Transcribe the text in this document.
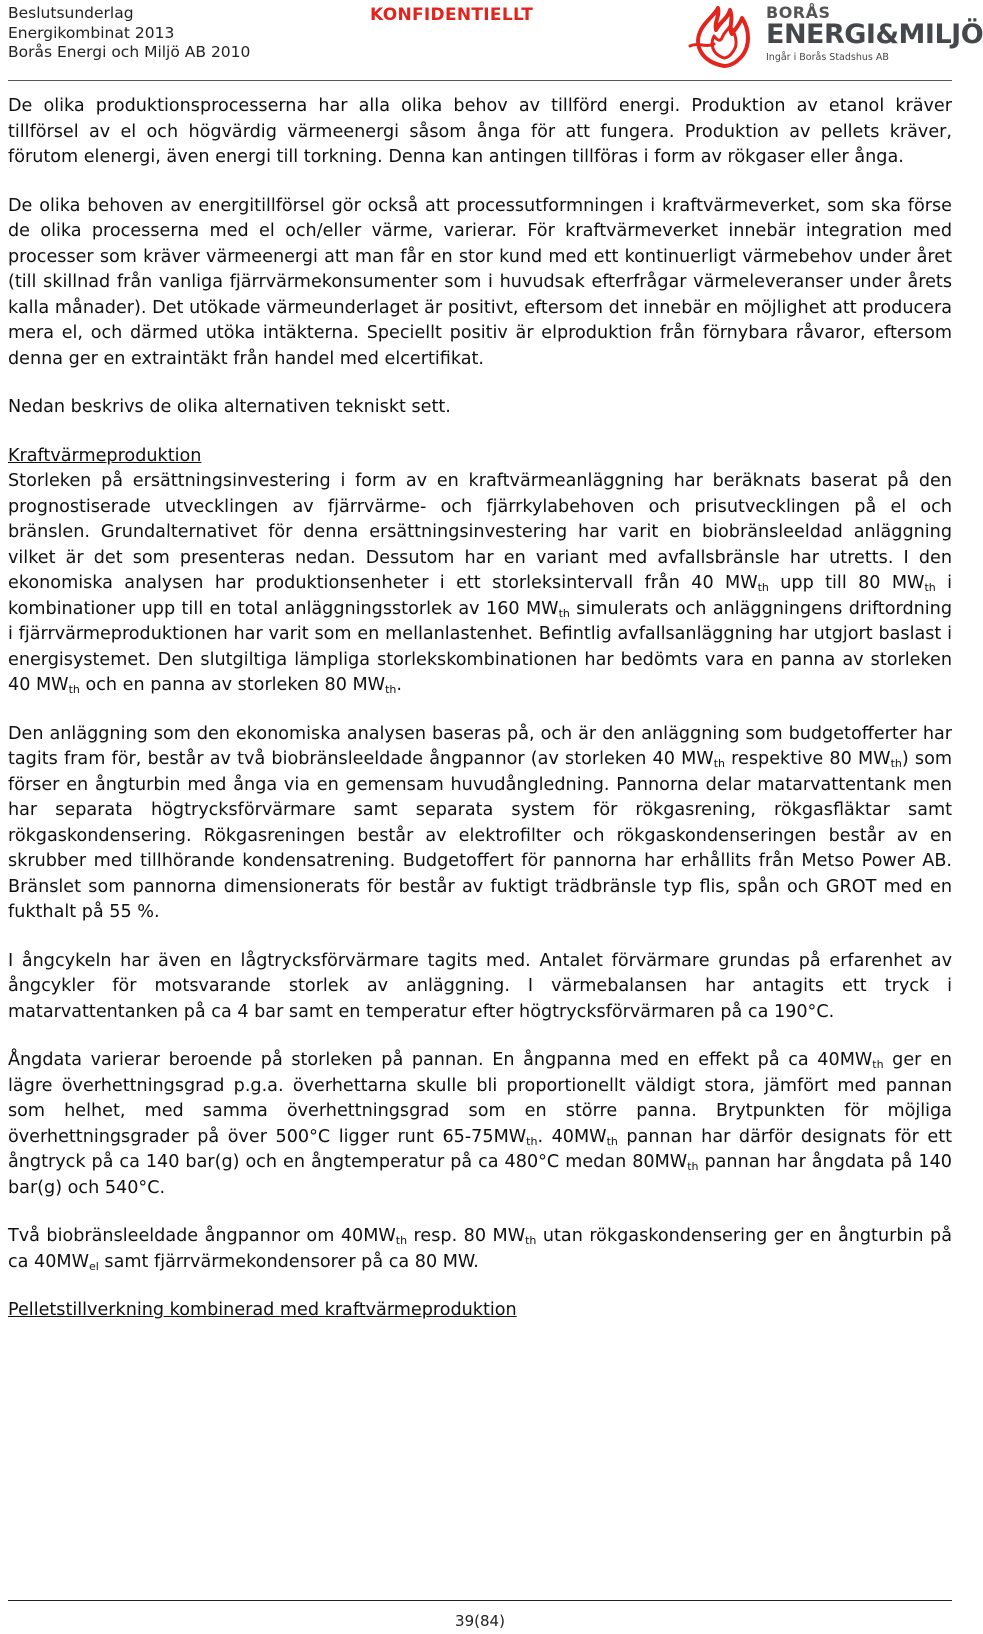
Beslutsunderlag
Energikombinat 2013
Borås Energi och Miljö AB 2010
KONFIDENTIELLT	BORÅS
ENERGI&MILJÖ
Ingår i Borås Stadshus AB

De olika produktionsprocesserna har alla olika behov av tillförd energi. Produktion av etanol kräver tillförsel av el och högvärdig värmeenergi såsom ånga för att fungera. Produktion av pellets kräver, förutom elenergi, även energi till torkning. Denna kan antingen tillföras i form av rökgaser eller ånga.

De olika behoven av energitillförsel gör också att processutformningen i kraftvärmeverket, som ska förse de olika processerna med el och/eller värme, varierar. För kraftvärmeverket innebär integration med processer som kräver värmeenergi att man får en stor kund med ett kontinuerligt värmebehov under året (till skillnad från vanliga fjärrvärmekonsumenter som i huvudsak efterfrågar värmeleveranser under årets kalla månader). Det utökade värmeunderlaget är positivt, eftersom det innebär en möjlighet att producera mera el, och därmed utöka intäkterna. Speciellt positiv är elproduktion från förnybara råvaror, eftersom denna ger en extraintäkt från handel med elcertifikat.

Nedan beskrivs de olika alternativen tekniskt sett.

Kraftvärmeproduktion

Storleken på ersättningsinvestering i form av en kraftvärmeanläggning har beräknats baserat på den prognostiserade utvecklingen av fjärrvärme- och fjärrkylabehoven och prisutvecklingen på el och bränslen. Grundalternativet för denna ersättningsinvestering har varit en biobränsleeldad anläggning vilket är det som presenteras nedan. Dessutom har en variant med avfallsbränsle har utretts. I den ekonomiska analysen har produktionsenheter i ett storleksintervall från 40 $MW_{th}$ upp till 80 $MW_{th}$ i kombinationer upp till en total anläggningsstorlek av 160 $MW_{th}$ simulerats och anläggningens driftordning i fjärrvärmeproduktionen har varit som en mellanlastenhet. Befintlig avfallsanläggning har utgjort baslast i energisystemet. Den slutgiltiga lämpliga storlekskombinationen har bedömts vara en panna av storleken 40 $MW_{th}$ och en panna av storleken 80 $MW_{th}$.

Den anläggning som den ekonomiska analysen baseras på, och är den anläggning som budgetofferter har tagits fram för, består av två biobränsleeldade ångpannor (av storleken 40 $MW_{th}$ respektive 80 $MW_{th}$) som förser en ångturbin med ånga via en gemensam huvudångledning. Pannorna delar matarvattentank men har separata högtrycksförvärmare samt separata system för rökgasrening, rökgasfläktar samt rökgaskondensering. Rökgasreningen består av elektrofilter och rökgaskondenseringen består av en skrubber med tillhörande kondensatrening. Budgetoffert för pannorna har erhållits från Metso Power AB. Bränslet som pannorna dimensionerats för består av fuktigt trädbränsle typ flis, spån och GROT med en fukthalt på 55 %.

I ångcykeln har även en lågtrycksförvärmare tagits med. Antalet förvärmare grundas på erfarenhet av ångcykler för motsvarande storlek av anläggning. I värmebalansen har antagits ett tryck i matarvattentanken på ca 4 bar samt en temperatur efter högtrycksförvärmaren på ca 190°C.

Ångdata varierar beroende på storleken på pannan. En ångpanna med en effekt på ca $40MW_{th}$ ger en lägre överhettningsgrad p.g.a. överhettarna skulle bli proportionellt väldigt stora, jämfört med pannan som helhet, med samma överhettningsgrad som en större panna. Brytpunkten för möjliga överhettningsgrader på över 500°C ligger runt $65-75MW_{th}$. $40MW_{th}$ pannan har därför designats för ett ångtryck på ca 140 bar(g) och en ångtemperatur på ca 480°C medan $80MW_{th}$ pannan har ångdata på 140 bar(g) och 540°C.

Två biobränsleeldade ångpannor om $40MW_{th}$ resp. 80 $MW_{th}$ utan rökgaskondensering ger en ångturbin på ca $40MW_{el}$ samt fjärrvärmekondensorer på ca 80 MW.

Pelletstillverkning kombinerad med kraftvärmeproduktion

39(84)
